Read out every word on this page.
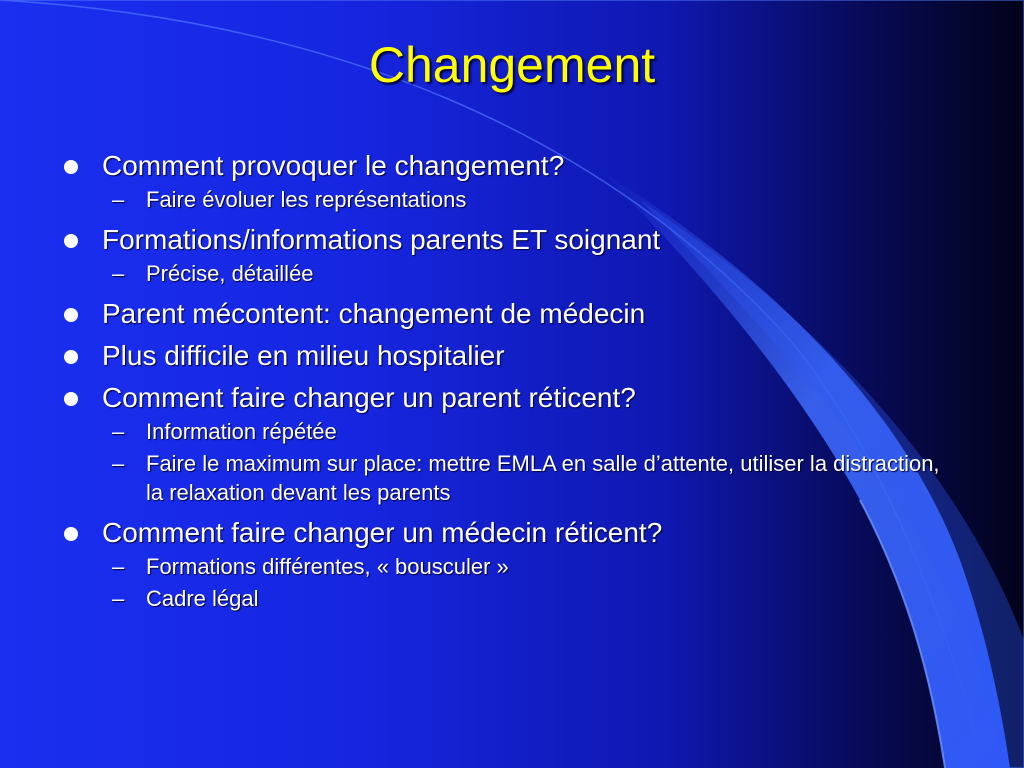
Changement
Comment provoquer le changement?
– Faire évoluer les représentations
Formations/informations parents ET soignant
– Précise, détaillée
Parent mécontent: changement de médecin
Plus difficile en milieu hospitalier
Comment faire changer un parent réticent?
– Information répétée
– Faire le maximum sur place: mettre EMLA en salle d’attente, utiliser la distraction, la relaxation devant les parents
Comment faire changer un médecin réticent?
– Formations différentes, « bousculer »
– Cadre légal
